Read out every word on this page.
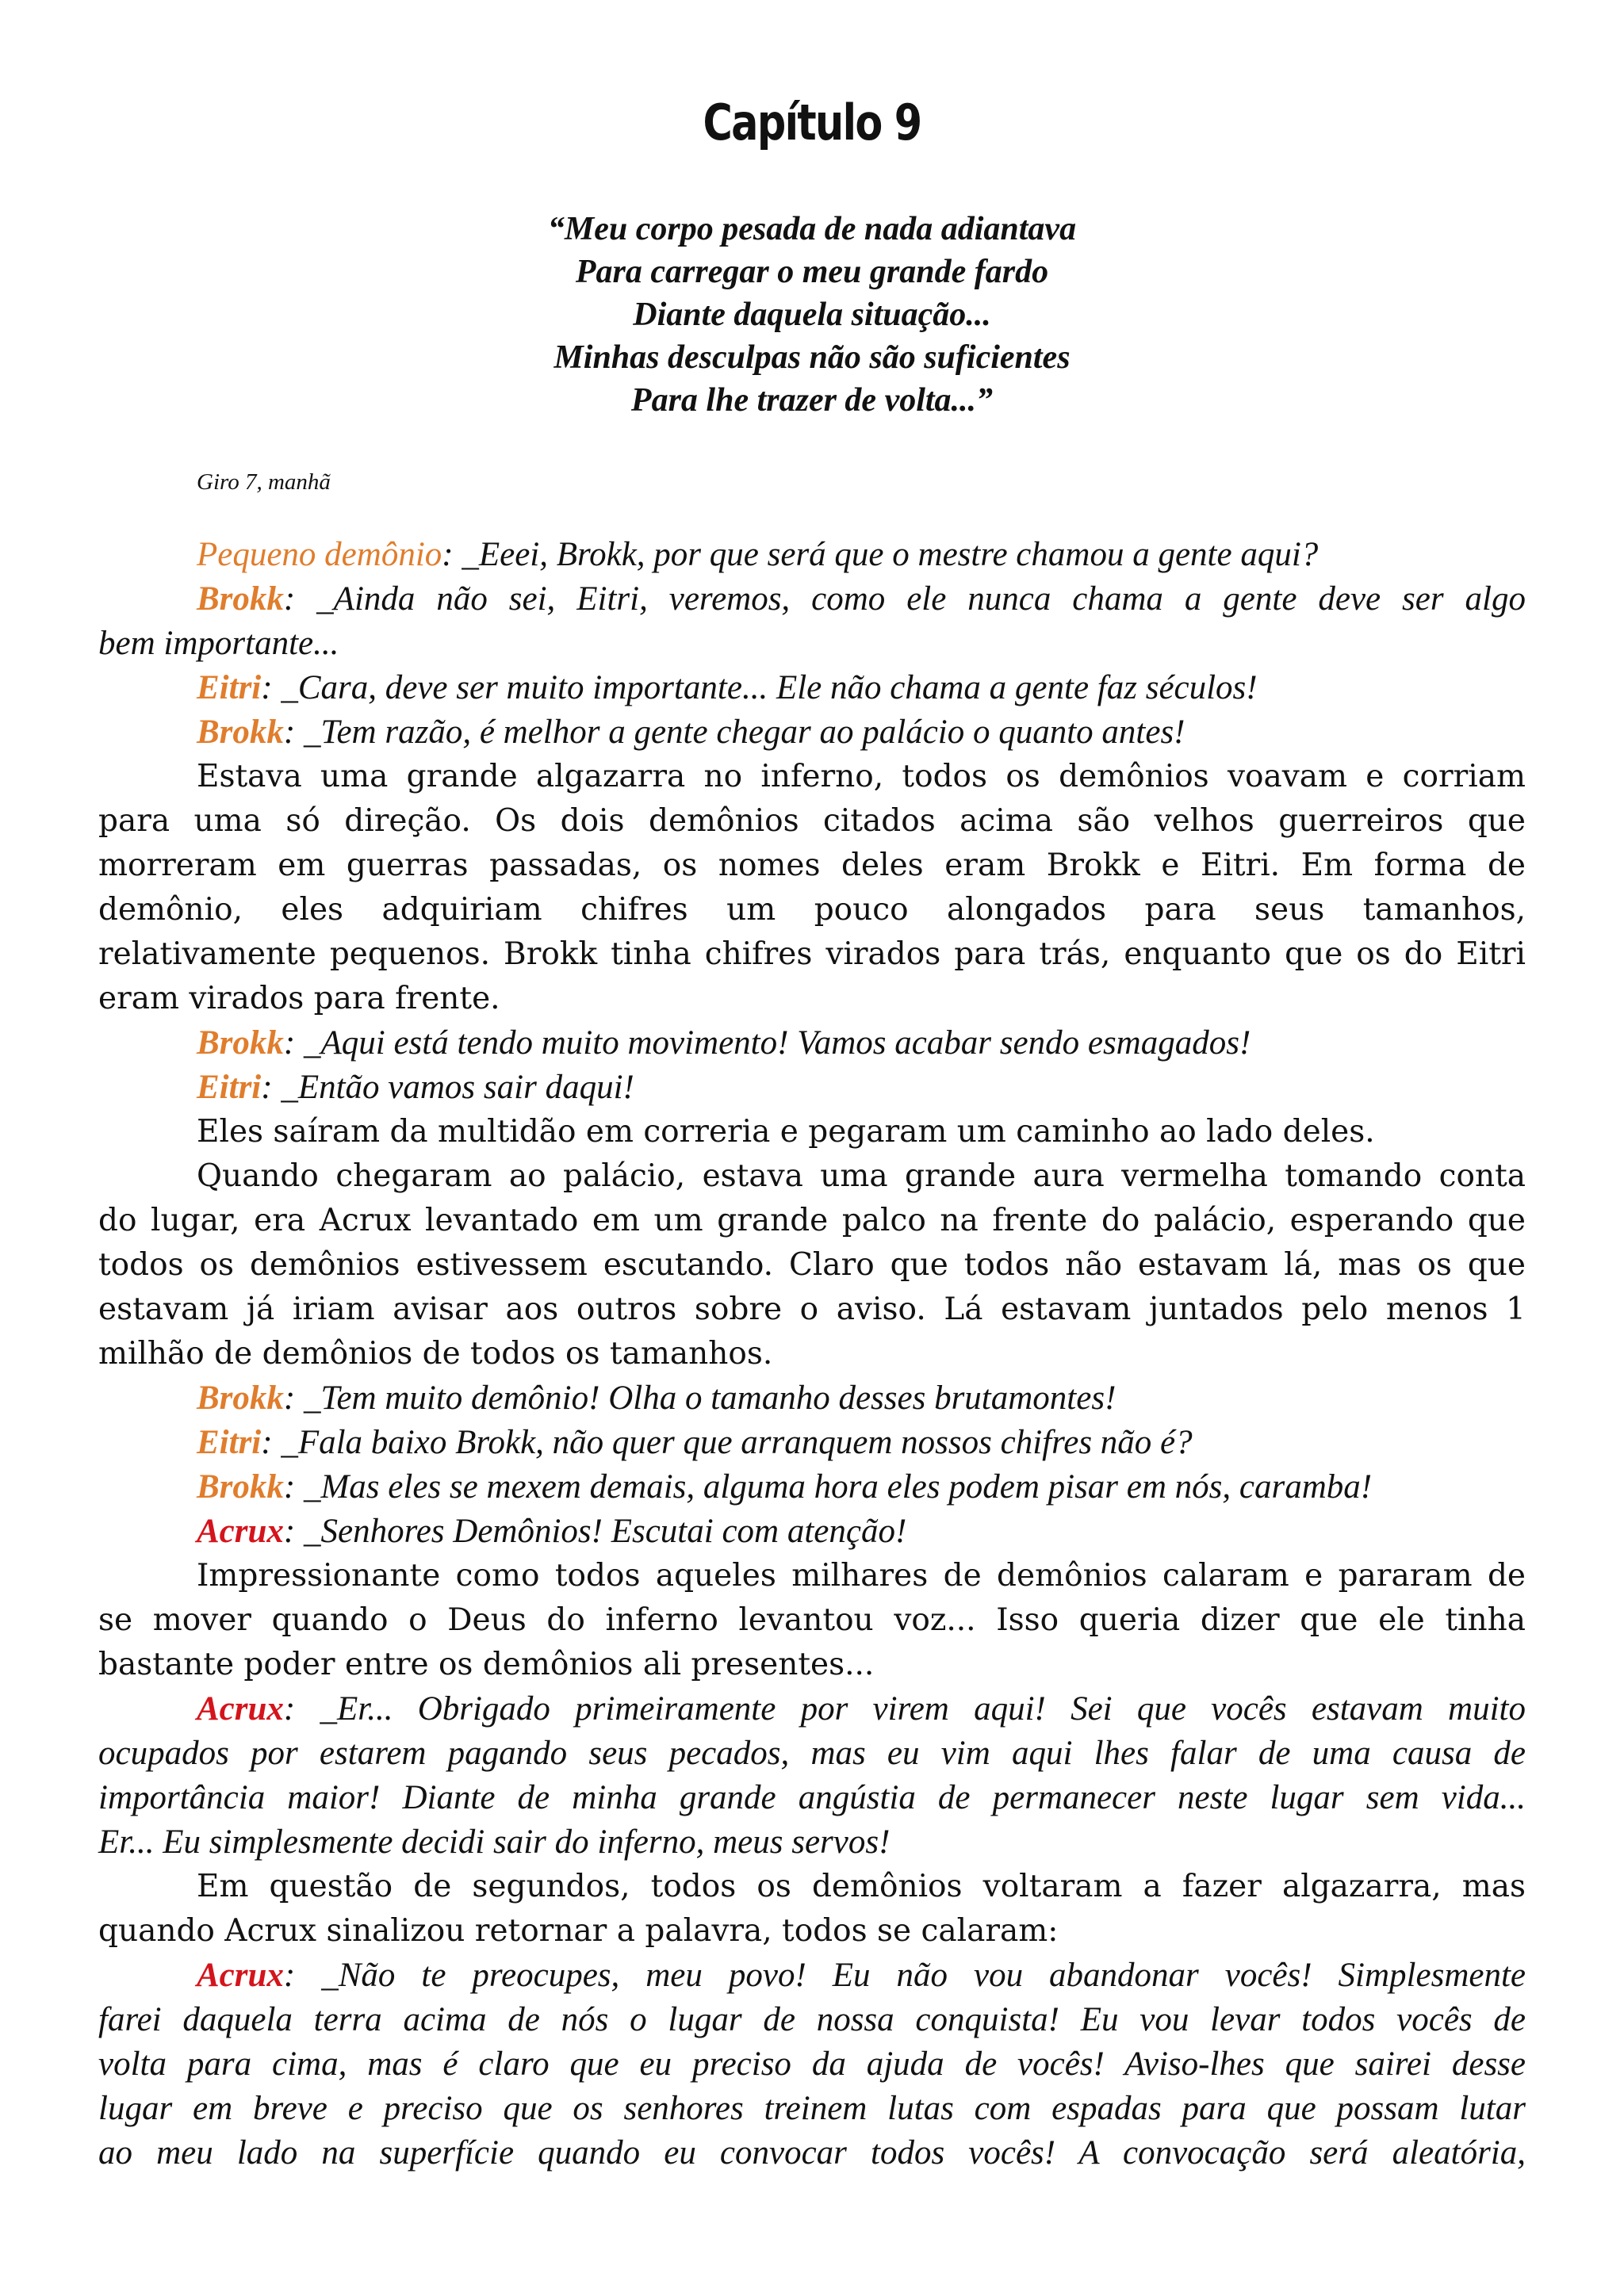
Capítulo 9
“Meu corpo pesada de nada adiantava
Para carregar o meu grande fardo
Diante daquela situação...
Minhas desculpas não são suficientes
Para lhe trazer de volta...”
Giro 7, manhã
Pequeno demônio: _Eeei, Brokk, por que será que o mestre chamou a gente aqui?
Brokk: _Ainda não sei, Eitri, veremos, como ele nunca chama a gente deve ser algo
bem importante...
Eitri: _Cara, deve ser muito importante... Ele não chama a gente faz séculos!
Brokk: _Tem razão, é melhor a gente chegar ao palácio o quanto antes!
Estava uma grande algazarra no inferno, todos os demônios voavam e corriam
para uma só direção. Os dois demônios citados acima são velhos guerreiros que
morreram em guerras passadas, os nomes deles eram Brokk e Eitri. Em forma de
demônio, eles adquiriam chifres um pouco alongados para seus tamanhos,
relativamente pequenos. Brokk tinha chifres virados para trás, enquanto que os do Eitri
eram virados para frente.
Brokk: _Aqui está tendo muito movimento! Vamos acabar sendo esmagados!
Eitri: _Então vamos sair daqui!
Eles saíram da multidão em correria e pegaram um caminho ao lado deles.
Quando chegaram ao palácio, estava uma grande aura vermelha tomando conta
do lugar, era Acrux levantado em um grande palco na frente do palácio, esperando que
todos os demônios estivessem escutando. Claro que todos não estavam lá, mas os que
estavam já iriam avisar aos outros sobre o aviso. Lá estavam juntados pelo menos 1
milhão de demônios de todos os tamanhos.
Brokk: _Tem muito demônio! Olha o tamanho desses brutamontes!
Eitri: _Fala baixo Brokk, não quer que arranquem nossos chifres não é?
Brokk: _Mas eles se mexem demais, alguma hora eles podem pisar em nós, caramba!
Acrux: _Senhores Demônios! Escutai com atenção!
Impressionante como todos aqueles milhares de demônios calaram e pararam de
se mover quando o Deus do inferno levantou voz... Isso queria dizer que ele tinha
bastante poder entre os demônios ali presentes...
Acrux: _Er... Obrigado primeiramente por virem aqui! Sei que vocês estavam muito
ocupados por estarem pagando seus pecados, mas eu vim aqui lhes falar de uma causa de
importância maior! Diante de minha grande angústia de permanecer neste lugar sem vida...
Er... Eu simplesmente decidi sair do inferno, meus servos!
Em questão de segundos, todos os demônios voltaram a fazer algazarra, mas
quando Acrux sinalizou retornar a palavra, todos se calaram:
Acrux: _Não te preocupes, meu povo! Eu não vou abandonar vocês! Simplesmente
farei daquela terra acima de nós o lugar de nossa conquista! Eu vou levar todos vocês de
volta para cima, mas é claro que eu preciso da ajuda de vocês! Aviso-lhes que sairei desse
lugar em breve e preciso que os senhores treinem lutas com espadas para que possam lutar
ao meu lado na superfície quando eu convocar todos vocês! A convocação será aleatória,
